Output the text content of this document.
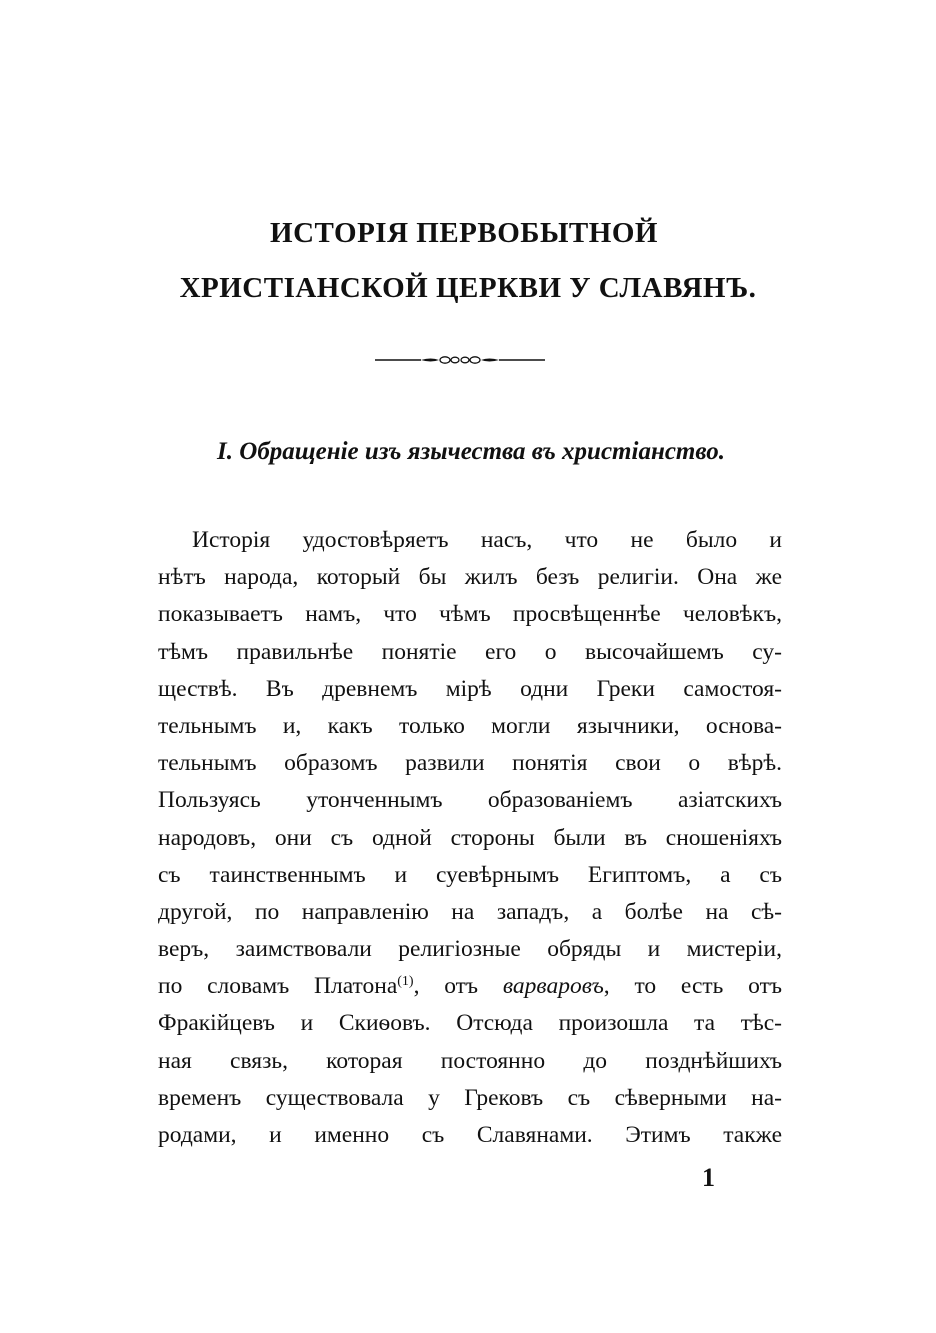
ИСТОРІЯ ПЕРВОБЫТНОЙ
ХРИСТІАНСКОЙ ЦЕРКВИ У СЛАВЯНЪ.
I. Обращеніе изъ язычества въ христіанство.
Исторія удостовѣряетъ насъ, что не было и
нѣтъ народа, который бы жилъ безъ религіи. Она же
показываетъ намъ, что чѣмъ просвѣщеннѣе человѣкъ,
тѣмъ правильнѣе понятіе его о высочайшемъ су-
ществѣ. Въ древнемъ мірѣ одни Греки самостоя-
тельнымъ и, какъ только могли язычники, основа-
тельнымъ образомъ развили понятія свои о вѣрѣ.
Пользуясь утонченнымъ образованіемъ азіатскихъ
народовъ, они съ одной стороны были въ сношеніяхъ
съ таинственнымъ и суевѣрнымъ Египтомъ, а съ
другой, по направленію на западъ, а болѣе на сѣ-
веръ, заимствовали религіозные обряды и мистеріи,
по словамъ Платона$^{(1)}$, отъ варваровъ, то есть отъ
Фракійцевъ и Скиѳовъ. Отсюда произошла та тѣс-
ная связь, которая постоянно до позднѣйшихъ
временъ существовала у Грековъ съ сѣверными на-
родами, и именно съ Славянами. Этимъ также
1
